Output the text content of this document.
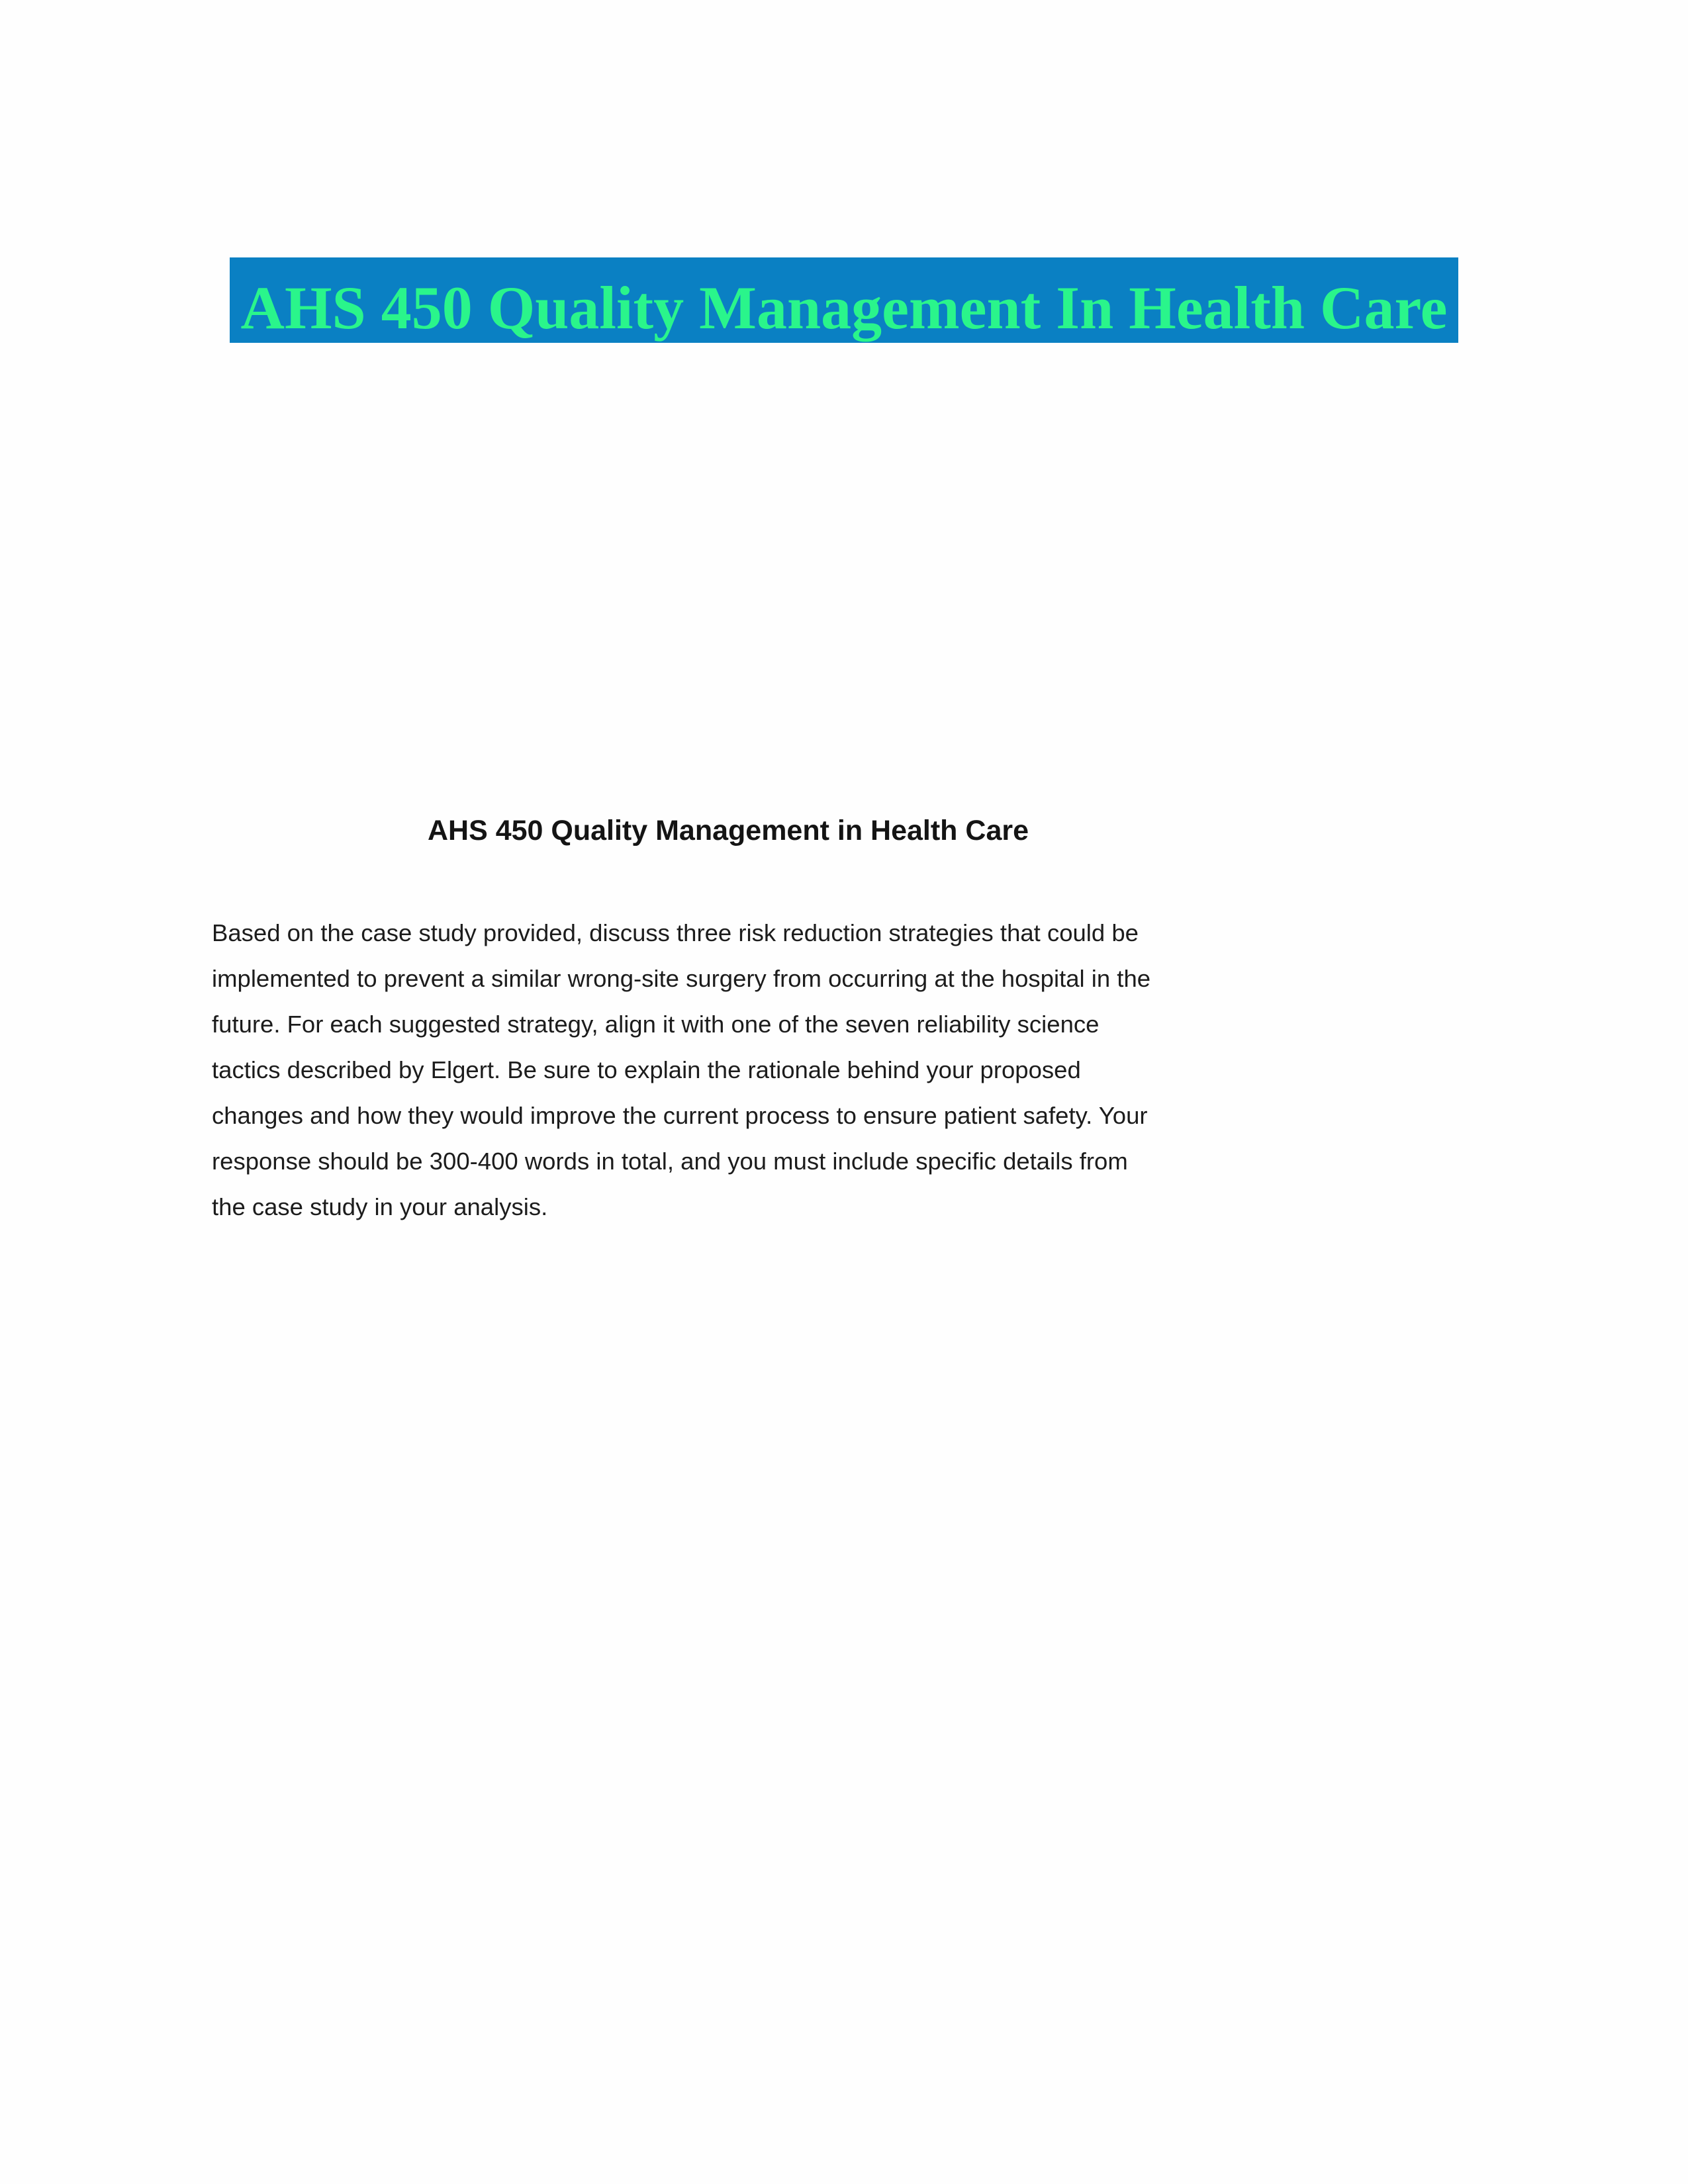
AHS 450 Quality Management In Health Care
AHS 450 Quality Management in Health Care
Based on the case study provided, discuss three risk reduction strategies that could be
implemented to prevent a similar wrong-site surgery from occurring at the hospital in the
future. For each suggested strategy, align it with one of the seven reliability science
tactics described by Elgert. Be sure to explain the rationale behind your proposed
changes and how they would improve the current process to ensure patient safety. Your
response should be 300-400 words in total, and you must include specific details from
the case study in your analysis.
